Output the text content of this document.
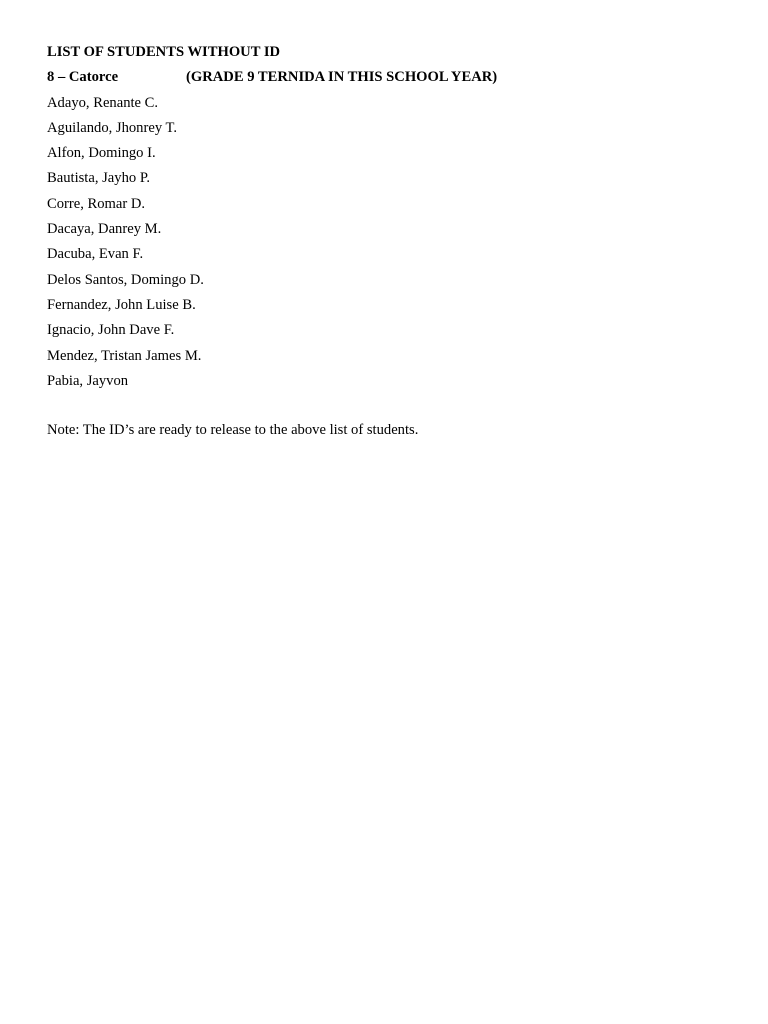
LIST OF STUDENTS WITHOUT ID
8 – Catorce	(GRADE 9 TERNIDA IN THIS SCHOOL YEAR)
Adayo, Renante C.
Aguilando, Jhonrey T.
Alfon, Domingo I.
Bautista, Jayho P.
Corre, Romar D.
Dacaya, Danrey M.
Dacuba, Evan F.
Delos Santos, Domingo D.
Fernandez, John Luise B.
Ignacio, John Dave F.
Mendez, Tristan James M.
Pabia, Jayvon
Note: The ID’s are ready to release to the above list of students.
